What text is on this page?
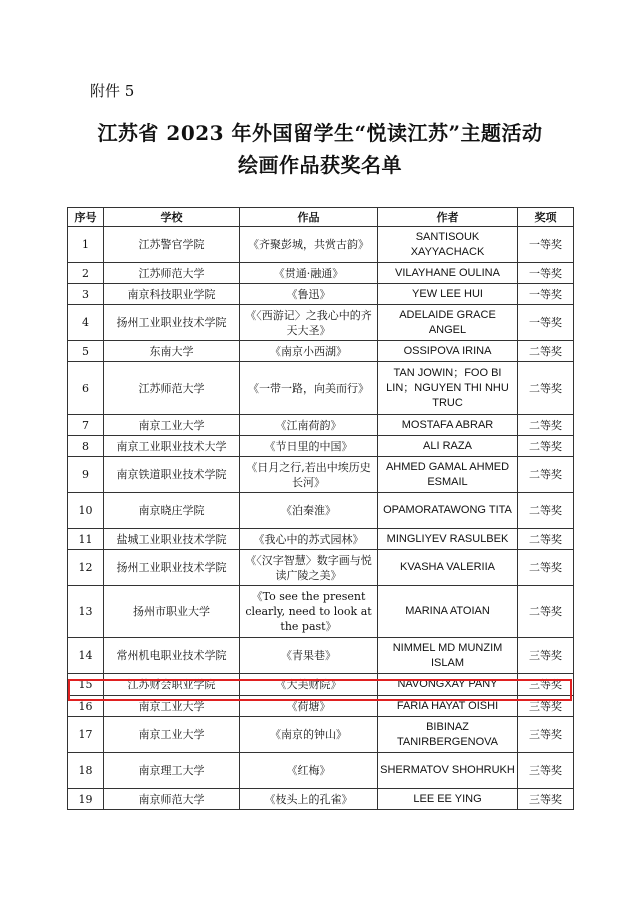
附件 5
江苏省 2023 年外国留学生“悦读江苏”主题活动
绘画作品获奖名单
序号	学校	作品	作者	奖项
1	江苏警官学院	《齐聚彭城，共赏古韵》	SANTISOUK XAYYACHACK	一等奖
2	江苏师范大学	《贯通·融通》	VILAYHANE OULINA	一等奖
3	南京科技职业学院	《鲁迅》	YEW LEE HUI	一等奖
4	扬州工业职业技术学院	《〈西游记〉之我心中的齐天大圣》	ADELAIDE GRACE ANGEL	一等奖
5	东南大学	《南京小西湖》	OSSIPOVA IRINA	二等奖
6	江苏师范大学	《一带一路，向美而行》	TAN JOWIN；FOO BI LIN；NGUYEN THI NHU TRUC	二等奖
7	南京工业大学	《江南荷韵》	MOSTAFA ABRAR	二等奖
8	南京工业职业技术大学	《节日里的中国》	ALI RAZA	二等奖
9	南京铁道职业技术学院	《日月之行,若出中埃历史长河》	AHMED GAMAL AHMED ESMAIL	二等奖
10	南京晓庄学院	《泊秦淮》	OPAMORATAWONG TITA	二等奖
11	盐城工业职业技术学院	《我心中的苏式园林》	MINGLIYEV RASULBEK	二等奖
12	扬州工业职业技术学院	《〈汉字智慧〉数字画与悦读广陵之美》	KVASHA VALERIIA	二等奖
13	扬州市职业大学	《To see the present clearly, need to look at the past》	MARINA ATOIAN	二等奖
14	常州机电职业技术学院	《青果巷》	NIMMEL MD MUNZIM ISLAM	三等奖
15	江苏财会职业学院	《大美财院》	NAVONGXAY PANY	三等奖
16	南京工业大学	《荷塘》	FARIA HAYAT OISHI	三等奖
17	南京工业大学	《南京的钟山》	BIBINAZ TANIRBERGENOVA	三等奖
18	南京理工大学	《红梅》	SHERMATOV SHOHRUKH	三等奖
19	南京师范大学	《枝头上的孔雀》	LEE EE YING	三等奖
